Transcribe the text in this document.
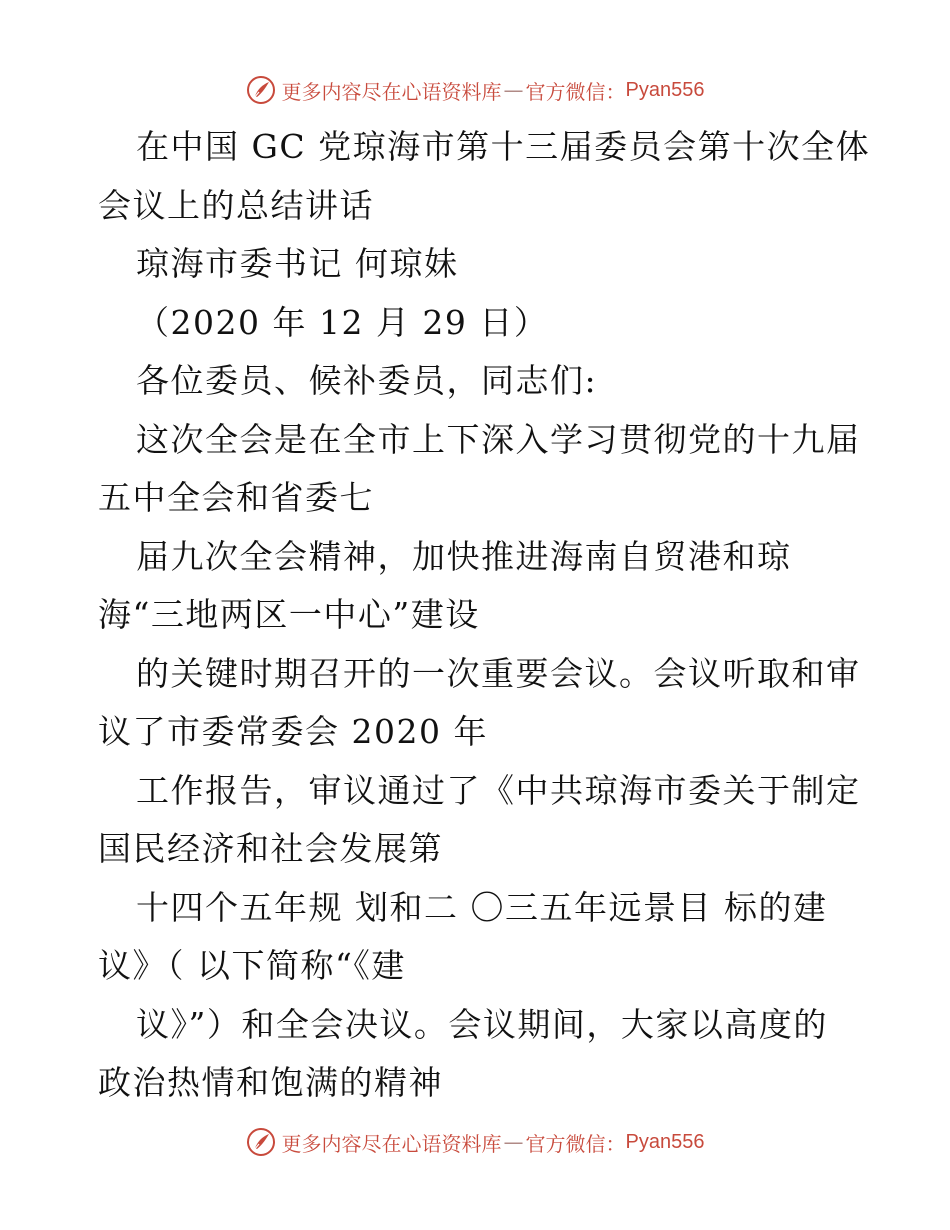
更多内容尽在心语资料库 — 官方微信： Pyan556
在中国 GC 党琼海市第十三届委员会第十次全体
会议上的总结讲话
琼海市委书记 何琼妹
（2020 年 12 月 29 日）
各位委员、候补委员，同志们:
这次全会是在全市上下深入学习贯彻党的十九届
五中全会和省委七
届九次全会精神，加快推进海南自贸港和琼
海“三地两区一中心”建设
的关键时期召开的一次重要会议。会议听取和审
议了市委常委会 2020 年
工作报告，审议通过了《中共琼海市委关于制定
国民经济和社会发展第
十四个五年规 划和二 〇三五年远景目 标的建
议》（ 以下简称“《建
议》”）和全会决议。会议期间，大家以高度的
政治热情和饱满的精神
更多内容尽在心语资料库 — 官方微信： Pyan556
